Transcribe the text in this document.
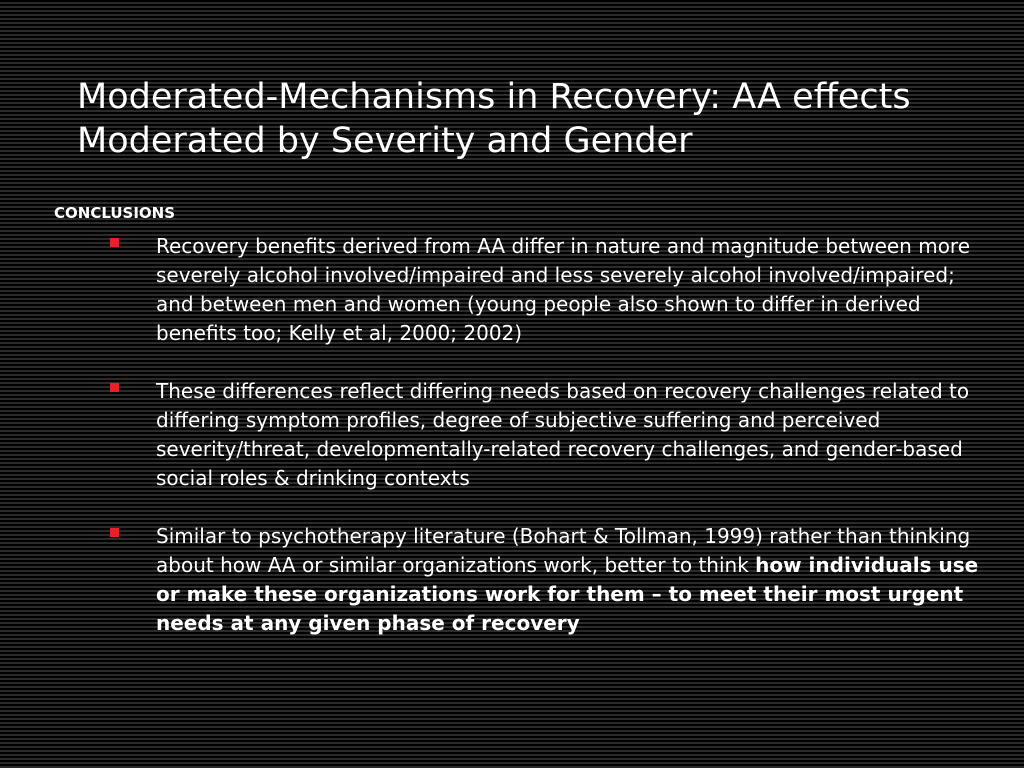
Moderated-Mechanisms in Recovery: AA effects Moderated by Severity and Gender
CONCLUSIONS
Recovery benefits derived from AA differ in nature and magnitude between more severely alcohol involved/impaired and less severely alcohol involved/impaired; and between men and women (young people also shown to differ in derived benefits too; Kelly et al, 2000; 2002)
These differences reflect differing needs based on recovery challenges related to differing symptom profiles, degree of subjective suffering and perceived severity/threat, developmentally-related recovery challenges, and gender-based social roles & drinking contexts
Similar to psychotherapy literature (Bohart & Tollman, 1999) rather than thinking about how AA or similar organizations work, better to think how individuals use or make these organizations work for them – to meet their most urgent needs at any given phase of recovery
